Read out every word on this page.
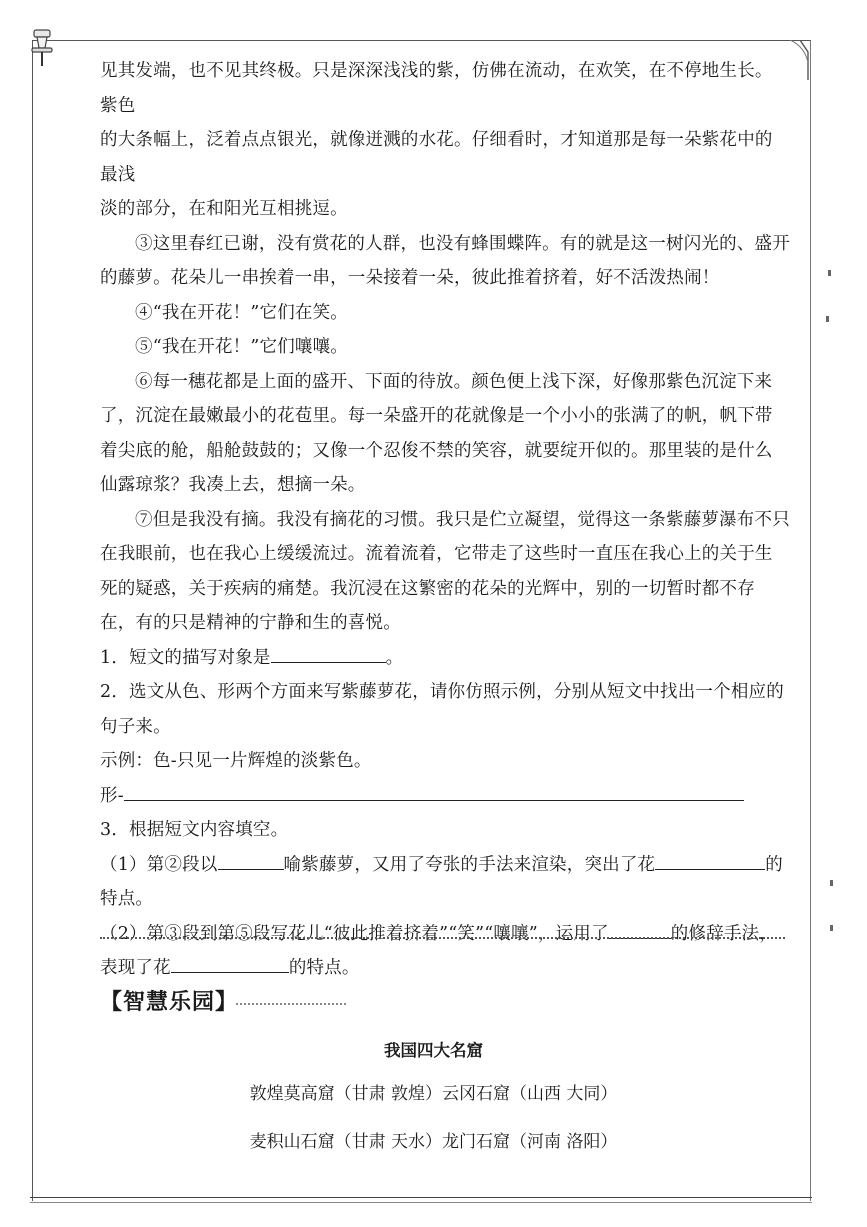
见其发端，也不见其终极。只是深深浅浅的紫，仿佛在流动，在欢笑，在不停地生长。紫色

的大条幅上，泛着点点银光，就像迸溅的水花。仔细看时，才知道那是每一朵紫花中的最浅

淡的部分，在和阳光互相挑逗。

③这里春红已谢，没有赏花的人群，也没有蜂围蝶阵。有的就是这一树闪光的、盛开的藤萝。花朵儿一串挨着一串，一朵接着一朵，彼此推着挤着，好不活泼热闹！

④“我在开花！”它们在笑。

⑤“我在开花！”它们嚷嚷。

⑥每一穗花都是上面的盛开、下面的待放。颜色便上浅下深，好像那紫色沉淀下来了，沉淀在最嫩最小的花苞里。每一朵盛开的花就像是一个小小的张满了的帆，帆下带着尖底的舱，船舱鼓鼓的；又像一个忍俊不禁的笑容，就要绽开似的。那里装的是什么仙露琼浆？我凑上去，想摘一朵。

⑦但是我没有摘。我没有摘花的习惯。我只是伫立凝望，觉得这一条紫藤萝瀑布不只在我眼前，也在我心上缓缓流过。流着流着，它带走了这些时一直压在我心上的关于生死的疑惑，关于疾病的痛楚。我沉浸在这繁密的花朵的光辉中，别的一切暂时都不存在，有的只是精神的宁静和生的喜悦。

1．短文的描写对象是	。

2．选文从色、形两个方面来写紫藤萝花，请你仿照示例，分别从短文中找出一个相应的句子来。

示例：色-只见一片辉煌的淡紫色。

形-

3．根据短文内容填空。

（1）第②段以	喻紫藤萝，又用了夸张的手法来渲染，突出了花	的特点。

（2）第③段到第⑤段写花儿“彼此推着挤着”“笑”“嚷嚷”，运用了	的修辞手法，表现了花	的特点。

【智慧乐园】
我国四大名窟
敦煌莫高窟（甘肃 敦煌）云冈石窟（山西 大同）
麦积山石窟（甘肃 天水）龙门石窟（河南 洛阳）
